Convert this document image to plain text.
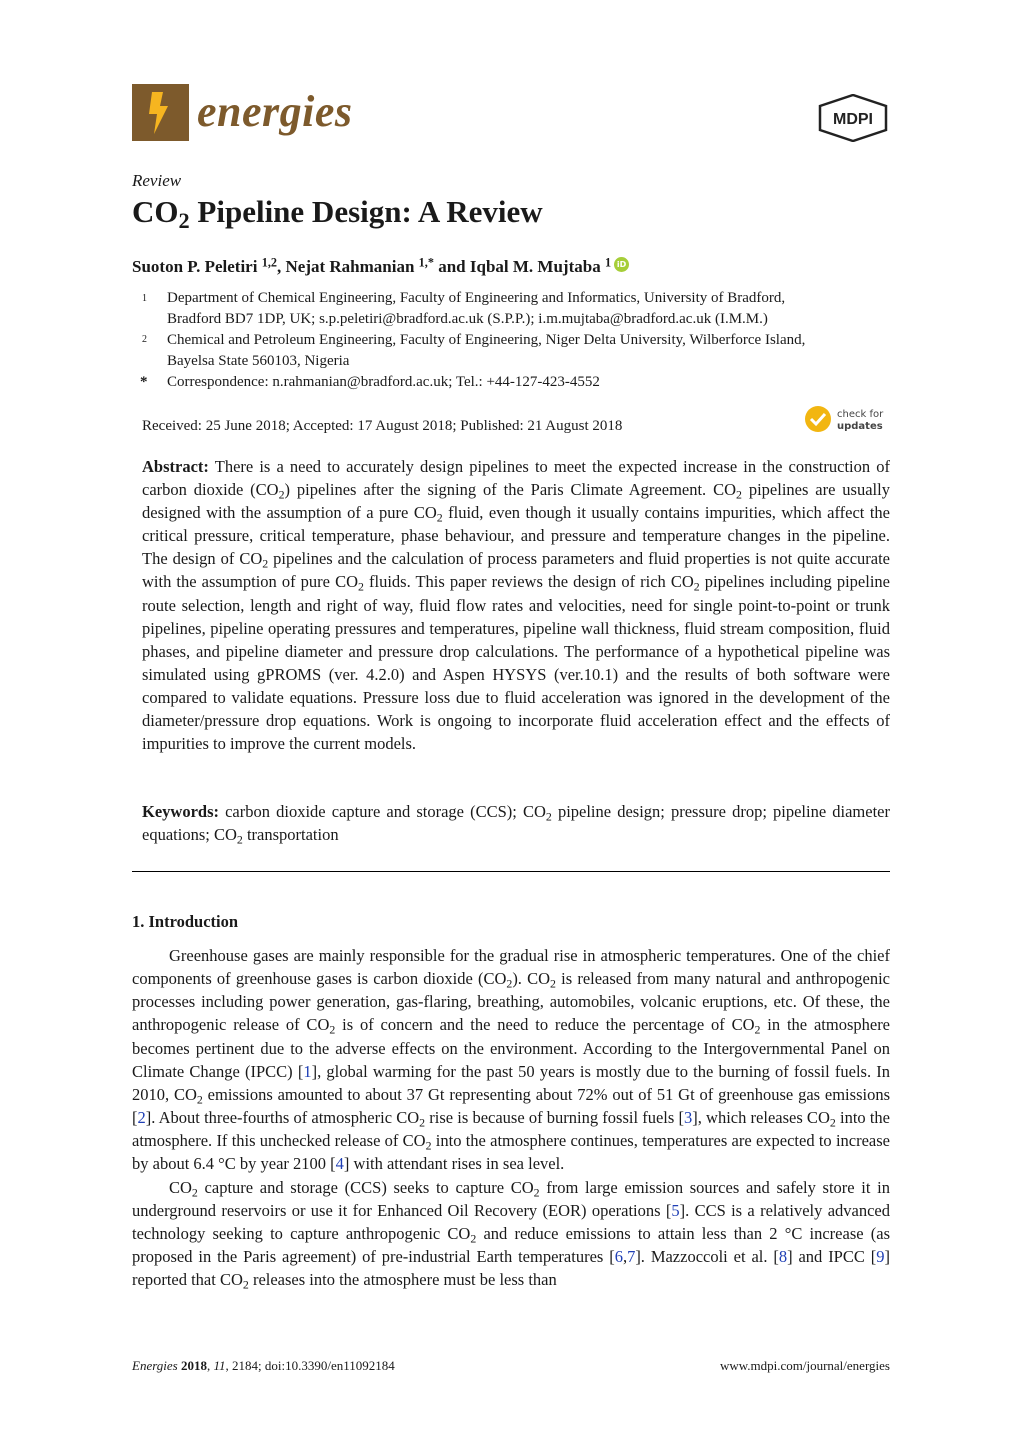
energies	MDPI
Review
$CO_2$ Pipeline Design: A Review
Suoton P. Peletiri $^{1,2}$, Nejat Rahmanian $^{1,*}$ and Iqbal M. Mujtaba $^1$ iD
1 Department of Chemical Engineering, Faculty of Engineering and Informatics, University of Bradford,
Bradford BD7 1DP, UK; s.p.peletiri@bradford.ac.uk (S.P.P.); i.m.mujtaba@bradford.ac.uk (I.M.M.)
2 Chemical and Petroleum Engineering, Faculty of Engineering, Niger Delta University, Wilberforce Island,
Bayelsa State 560103, Nigeria
* Correspondence: n.rahmanian@bradford.ac.uk; Tel.: +44-127-423-4552
Received: 25 June 2018; Accepted: 17 August 2018; Published: 21 August 2018
check for
updates
Abstract: There is a need to accurately design pipelines to meet the expected increase in the construction of carbon dioxide $(CO_2)$ pipelines after the signing of the Paris Climate Agreement. $CO_2$ pipelines are usually designed with the assumption of a pure $CO_2$ fluid, even though it usually contains impurities, which affect the critical pressure, critical temperature, phase behaviour, and pressure and temperature changes in the pipeline. The design of $CO_2$ pipelines and the calculation of process parameters and fluid properties is not quite accurate with the assumption of pure $CO_2$ fluids. This paper reviews the design of rich $CO_2$ pipelines including pipeline route selection, length and right of way, fluid flow rates and velocities, need for single point-to-point or trunk pipelines, pipeline operating pressures and temperatures, pipeline wall thickness, fluid stream composition, fluid phases, and pipeline diameter and pressure drop calculations. The performance of a hypothetical pipeline was simulated using gPROMS (ver. 4.2.0) and Aspen HYSYS (ver.10.1) and the results of both software were compared to validate equations. Pressure loss due to fluid acceleration was ignored in the development of the diameter/pressure drop equations. Work is ongoing to incorporate fluid acceleration effect and the effects of impurities to improve the current models.
Keywords: carbon dioxide capture and storage (CCS); $CO_2$ pipeline design; pressure drop; pipeline diameter equations; $CO_2$ transportation
1. Introduction

Greenhouse gases are mainly responsible for the gradual rise in atmospheric temperatures. One of the chief components of greenhouse gases is carbon dioxide $(CO_2)$. $CO_2$ is released from many natural and anthropogenic processes including power generation, gas-flaring, breathing, automobiles, volcanic eruptions, etc. Of these, the anthropogenic release of $CO_2$ is of concern and the need to reduce the percentage of $CO_2$ in the atmosphere becomes pertinent due to the adverse effects on the environment. According to the Intergovernmental Panel on Climate Change (IPCC) [1], global warming for the past 50 years is mostly due to the burning of fossil fuels. In 2010, $CO_2$ emissions amounted to about 37 Gt representing about 72% out of 51 Gt of greenhouse gas emissions [2]. About three-fourths of atmospheric $CO_2$ rise is because of burning fossil fuels [3], which releases $CO_2$ into the atmosphere. If this unchecked release of $CO_2$ into the atmosphere continues, temperatures are expected to increase by about 6.4 °C by year 2100 [4] with attendant rises in sea level.

$CO_2$ capture and storage (CCS) seeks to capture $CO_2$ from large emission sources and safely store it in underground reservoirs or use it for Enhanced Oil Recovery (EOR) operations [5]. CCS is a relatively advanced technology seeking to capture anthropogenic $CO_2$ and reduce emissions to attain less than 2 °C increase (as proposed in the Paris agreement) of pre-industrial Earth temperatures [6,7]. Mazzoccoli et al. [8] and IPCC [9] reported that $CO_2$ releases into the atmosphere must be less than

Energies 2018, 11, 2184; doi:10.3390/en11092184	www.mdpi.com/journal/energies
